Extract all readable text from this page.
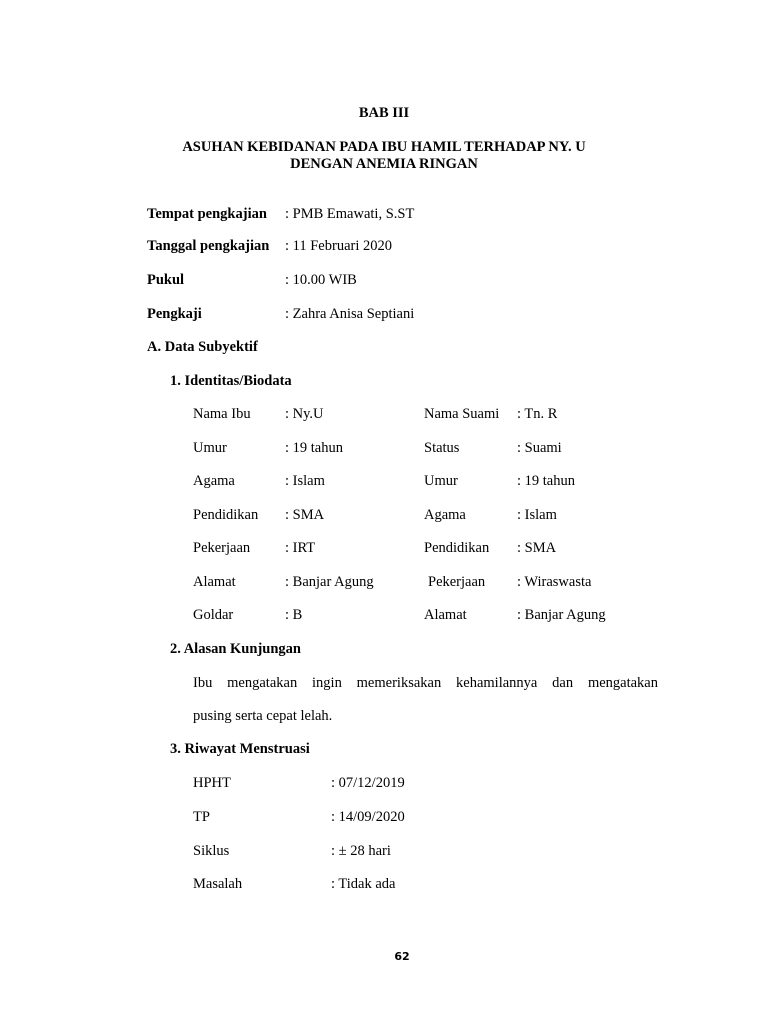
BAB III
ASUHAN KEBIDANAN PADA IBU HAMIL TERHADAP NY. U
DENGAN ANEMIA RINGAN
Tempat pengkajian : PMB Emawati, S.ST
Tanggal pengkajian : 11 Februari 2020
Pukul	: 10.00 WIB
Pengkaji	: Zahra Anisa Septiani
A. Data Subyektif
1. Identitas/Biodata
Nama Ibu : Ny.U	Nama Suami : Tn. R
Umur	: 19 tahun	Status	: Suami
Agama	: Islam	Umur	: 19 tahun
Pendidikan : SMA	Agama	: Islam
Pekerjaan : IRT	Pendidikan : SMA
Alamat	: Banjar Agung	Pekerjaan : Wiraswasta
Goldar	: B	Alamat	: Banjar Agung
2. Alasan Kunjungan
Ibu mengatakan ingin memeriksakan kehamilannya dan mengatakan
pusing serta cepat lelah.
3. Riwayat Menstruasi
HPHT	: 07/12/2019
TP	: 14/09/2020
Siklus	: ± 28 hari
Masalah	: Tidak ada
62
